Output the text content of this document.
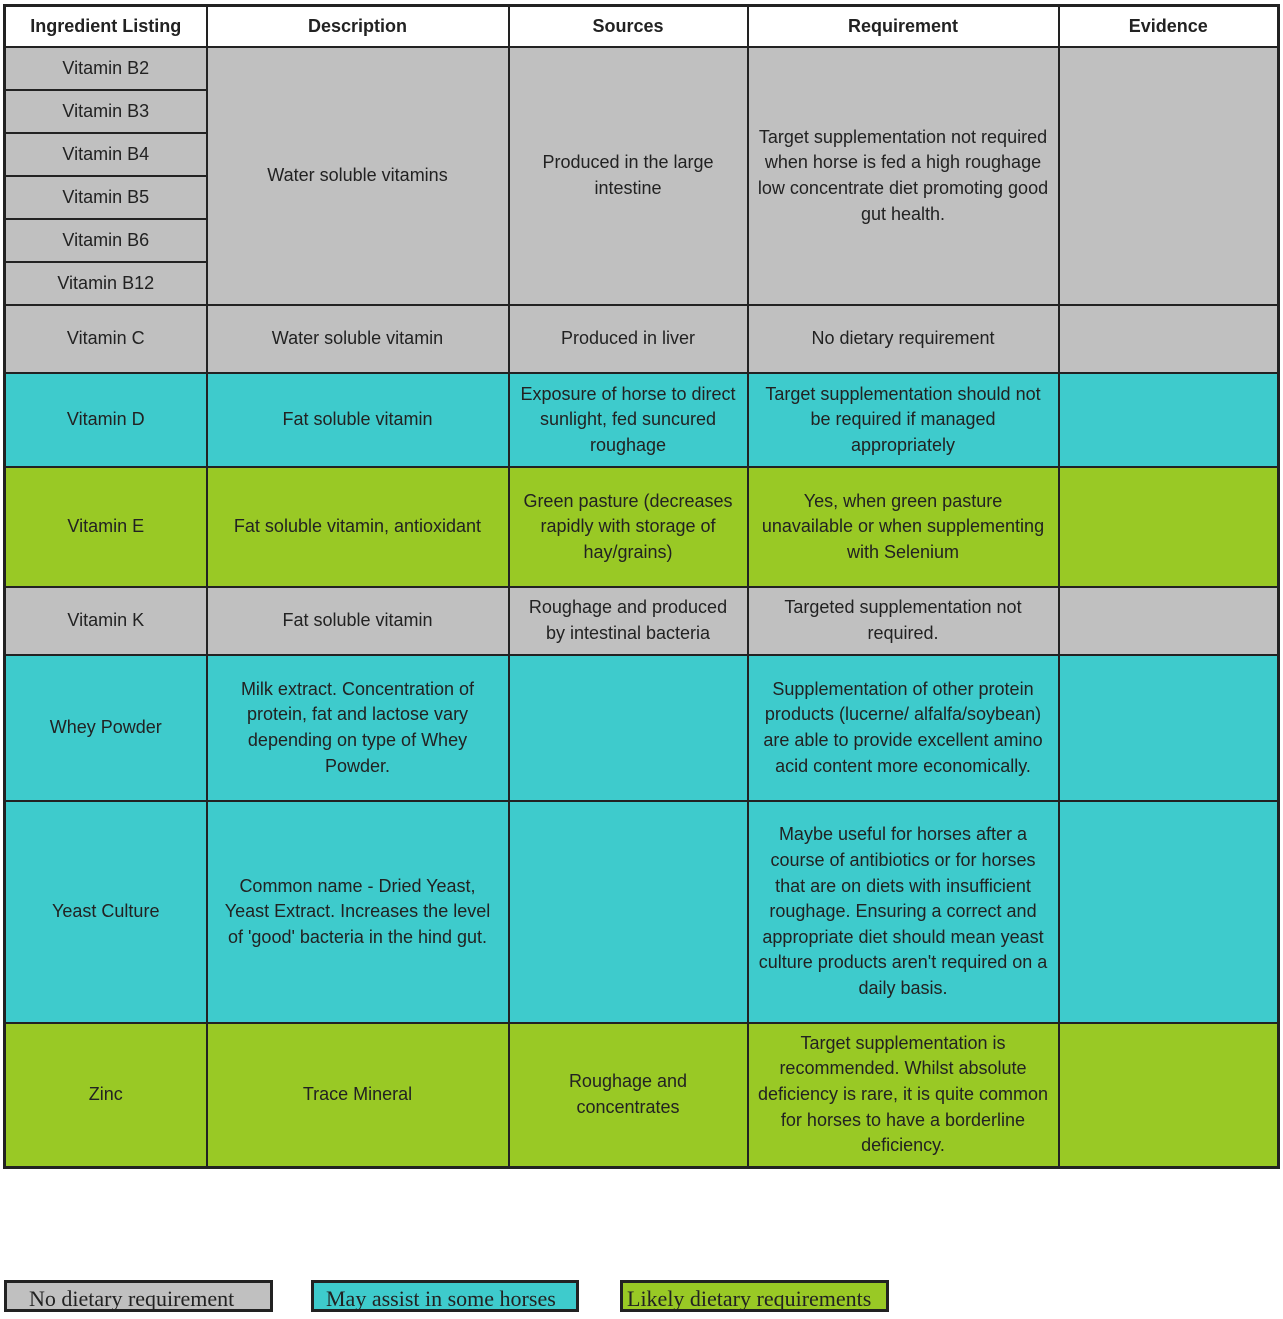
Ingredient Listing	Description	Sources	Requirement	Evidence
Vitamin B2	Water soluble vitamins	Produced in the large intestine	Target supplementation not required when horse is fed a high roughage low concentrate diet promoting good gut health.	
Vitamin B3				
Vitamin B4				
Vitamin B5				
Vitamin B6				
Vitamin B12				
Vitamin C	Water soluble vitamin	Produced in liver	No dietary requirement	
Vitamin D	Fat soluble vitamin	Exposure of horse to direct sunlight, fed suncured roughage	Target supplementation should not be required if managed appropriately	
Vitamin E	Fat soluble vitamin, antioxidant	Green pasture (decreases rapidly with storage of hay/grains)	Yes, when green pasture unavailable or when supplementing with Selenium	
Vitamin K	Fat soluble vitamin	Roughage and produced by intestinal bacteria	Targeted supplementation not required.	
Whey Powder	Milk extract. Concentration of protein, fat and lactose vary depending on type of Whey Powder.		Supplementation of other protein products (lucerne/ alfalfa/soybean) are able to provide excellent amino acid content more economically.	
Yeast Culture	Common name - Dried Yeast, Yeast Extract. Increases the level of 'good' bacteria in the hind gut.		Maybe useful for horses after a course of antibiotics or for horses that are on diets with insufficient roughage. Ensuring a correct and appropriate diet should mean yeast culture products aren't required on a daily basis.	
Zinc	Trace Mineral	Roughage and concentrates	Target supplementation is recommended. Whilst absolute deficiency is rare, it is quite common for horses to have a borderline deficiency.	
No dietary requirement	May assist in some horses	Likely dietary requirements
